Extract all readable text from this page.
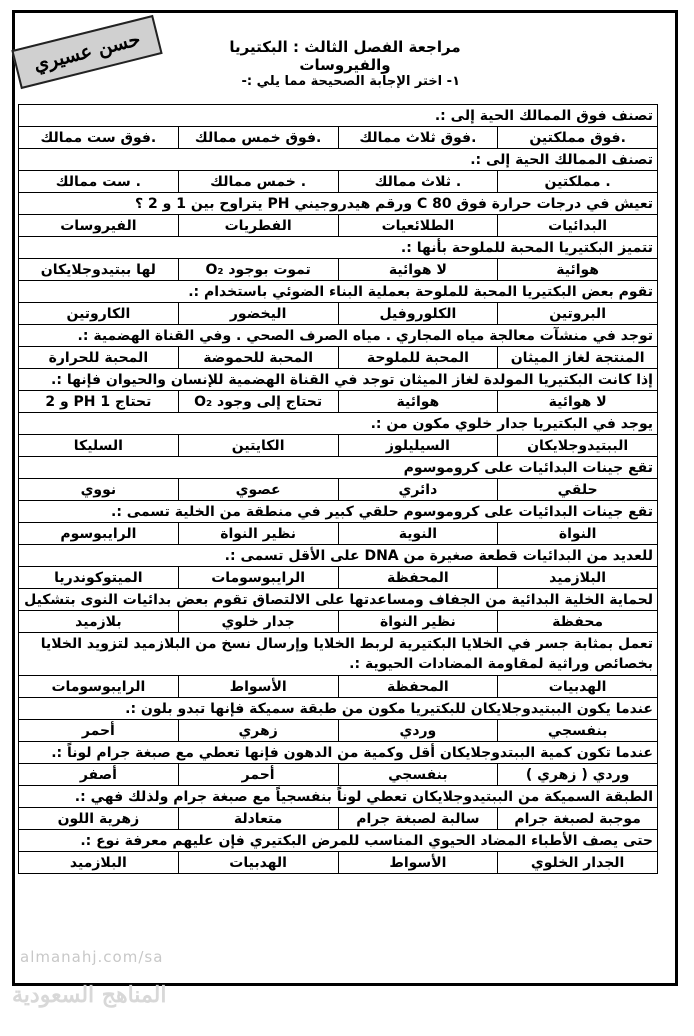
حسن عسيري	مراجعة الفصل الثالث : البكتيريا والفيروسات
١- اختر الإجابة الصحيحة مما يلي :-
تصنف فوق الممالك الحية إلى :.			
.فوق مملكتين	.فوق ثلاث ممالك	.فوق خمس ممالك	.فوق ست ممالك
تصنف الممالك الحية إلى :.			
. مملكتين	. ثلاث ممالك	. خمس ممالك	. ست ممالك
تعيش في درجات حرارة فوق 80 C ورقم هيدروجيني PH يتراوح بين 1 و 2 ؟			
البدائيات	الطلائعيات	الفطريات	الفيروسات
تتميز البكتيريا المحبة للملوحة بأنها :.			
هوائية	لا هوائية	تموت بوجود O₂	لها ببتيدوجلايكان
تقوم بعض البكتيريا المحبة للملوحة بعملية البناء الضوئي باستخدام :.			
البروتين	الكلوروفيل	اليخضور	الكاروتين
توجد في منشآت معالجة مياه المجاري . مياه الصرف الصحي . وفي القناة الهضمية :.			
المنتجة لغاز الميثان	المحبة للملوحة	المحبة للحموضة	المحبة للحرارة
إذا كانت البكتيريا المولدة لغاز الميثان توجد في القناة الهضمية للإنسان والحيوان فإنها :.			
لا هوائية	هوائية	تحتاج إلى وجود O₂	تحتاج PH 1 و 2
يوجد في البكتيريا جدار خلوي مكون من :.			
الببتيدوجلايكان	السيليلوز	الكايتين	السليكا
تقع جينات البدائيات على كروموسوم			
حلقي	دائري	عصوي	نووي
تقع جينات البدائيات على كروموسوم حلقي كبير في منطقة من الخلية تسمى :.			
النواة	النوية	نظير النواة	الرايبوسوم
للعديد من البدائيات قطعة صغيرة من DNA على الأقل تسمى :.			
البلازميد	المحفظة	الرايبوسومات	الميتوكوندريا
لحماية الخلية البدائية من الجفاف ومساعدتها على الالتصاق تقوم بعض بدائيات النوى بتشكيل			
محفظة	نظير النواة	جدار خلوي	بلازميد
تعمل بمثابة جسر في الخلايا البكتيرية لربط الخلايا وإرسال نسخ من البلازميد لتزويد الخلايا بخصائص وراثية لمقاومة المضادات الحيوية :.			
الهدبيات	المحفظة	الأسواط	الرايبوسومات
عندما يكون الببتيدوجلايكان للبكتيريا مكون من طبقة سميكة فإنها تبدو بلون :.			
بنفسجي	وردي	زهري	أحمر
عندما تكون كمية الببتدوجلايكان أقل وكمية من الدهون فإنها تعطي مع صبغة جرام لوناً :.			
وردي ( زهري )	بنفسجي	أحمر	أصفر
الطبقة السميكة من الببتيدوجلايكان تعطي لوناً بنفسجياً مع صبغة جرام ولذلك فهي :.			
موجبة لصبغة جرام	سالبة لصبغة جرام	متعادلة	زهرية اللون
حتى يصف الأطباء المضاد الحيوي المناسب للمرض البكتيري فإن عليهم معرفة نوع :.			
الجدار الخلوي	الأسواط	الهدبيات	البلازميد
almanahj.com/sa
المناهج السعودية
